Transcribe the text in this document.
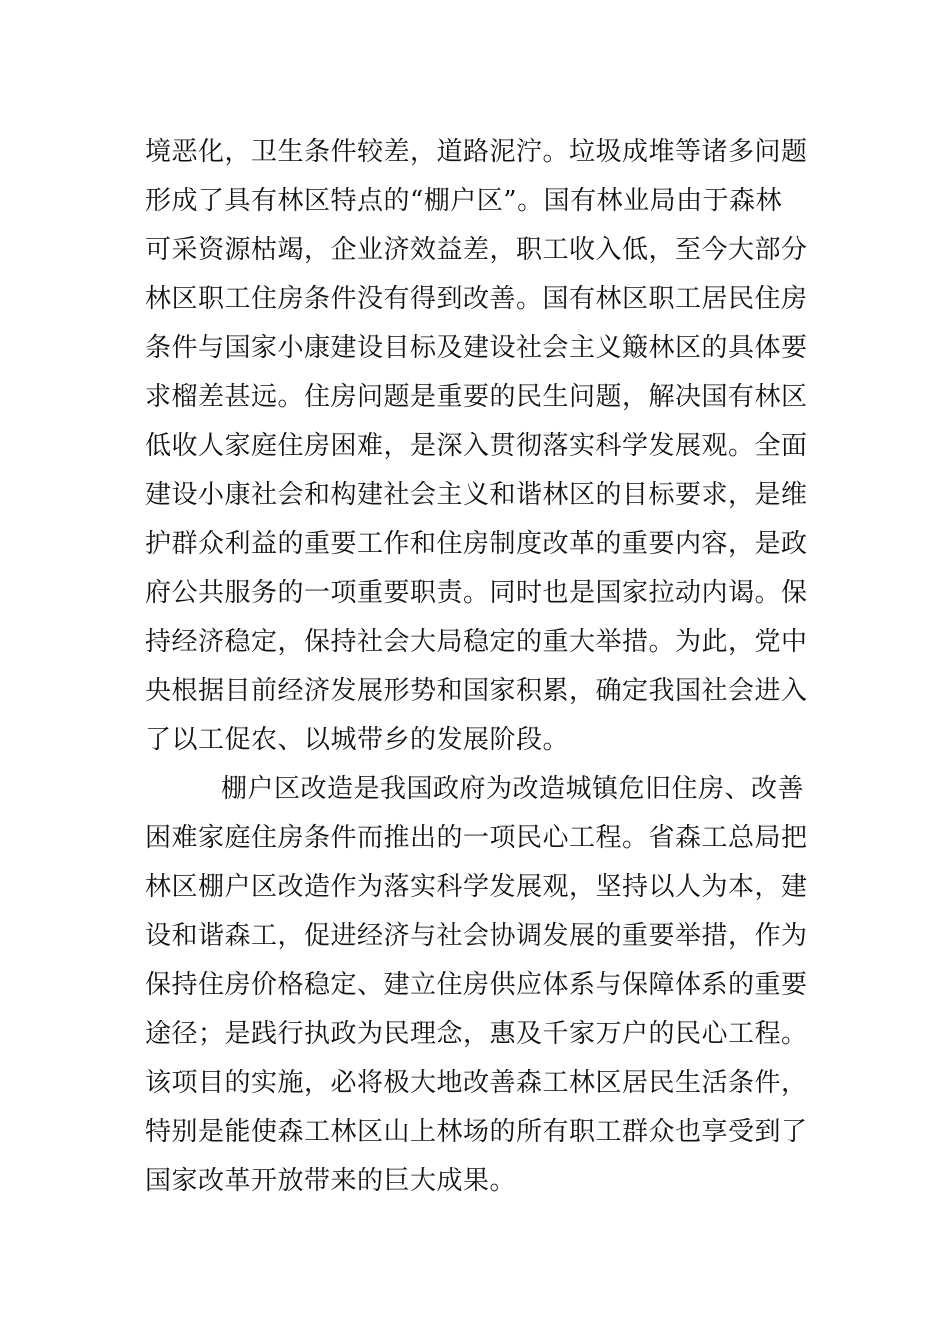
境恶化，卫生条件较差，道路泥泞。垃圾成堆等诸多问题
形成了具有林区特点的“棚户区”。国有林业局由于森林
可采资源枯竭，企业济效益差，职工收入低，至今大部分
林区职工住房条件没有得到改善。国有林区职工居民住房
条件与国家小康建设目标及建设社会主义簸林区的具体要
求榴差甚远。住房问题是重要的民生问题，解决国有林区
低收人家庭住房困难，是深入贯彻落实科学发展观。全面
建设小康社会和构建社会主义和谐林区的目标要求，是维
护群众利益的重要工作和住房制度改革的重要内容，是政
府公共服务的一项重要职责。同时也是国家拉动内谒。保
持经济稳定，保持社会大局稳定的重大举措。为此，党中
央根据目前经济发展形势和国家积累，确定我国社会进入
了以工促农、以城带乡的发展阶段。
棚户区改造是我国政府为改造城镇危旧住房、改善
困难家庭住房条件而推出的一项民心工程。省森工总局把
林区棚户区改造作为落实科学发展观，坚持以人为本，建
设和谐森工，促进经济与社会协调发展的重要举措，作为
保持住房价格稳定、建立住房供应体系与保障体系的重要
途径；是践行执政为民理念，惠及千家万户的民心工程。
该项目的实施，必将极大地改善森工林区居民生活条件，
特别是能使森工林区山上林场的所有职工群众也享受到了
国家改革开放带来的巨大成果。
